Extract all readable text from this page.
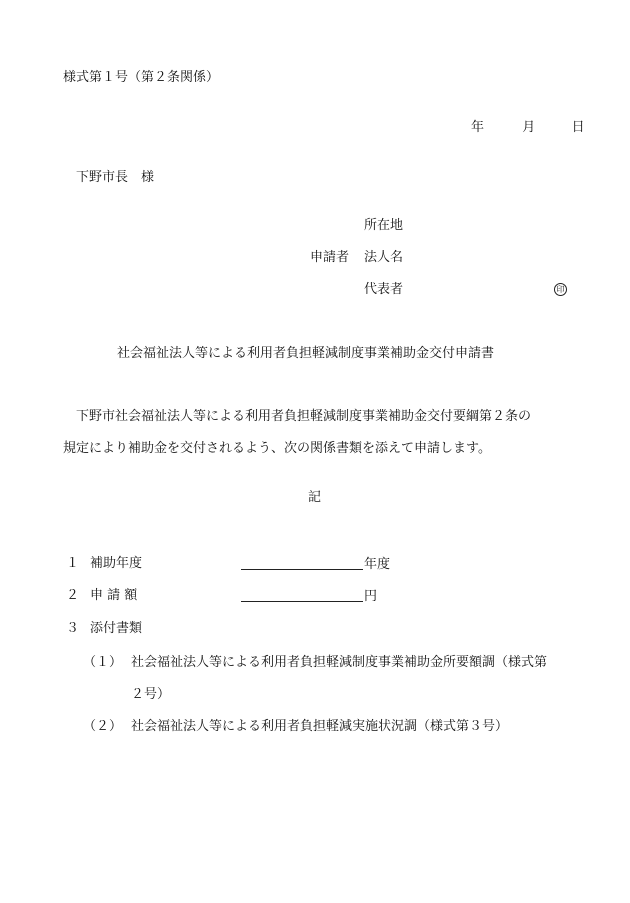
様式第１号（第２条関係）
年	月	日
下野市長　様
所在地
申請者 法人名
代表者	印
社会福祉法人等による利用者負担軽減制度事業補助金交付申請書
下野市社会福祉法人等による利用者負担軽減制度事業補助金交付要綱第２条の
規定により補助金を交付されるよう、次の関係書類を添えて申請します。
記
１ 補助年度	年度
２ 申 請 額	円
３ 添付書類
（１） 社会福祉法人等による利用者負担軽減制度事業補助金所要額調（様式第
２号）
（２） 社会福祉法人等による利用者負担軽減実施状況調（様式第３号）
